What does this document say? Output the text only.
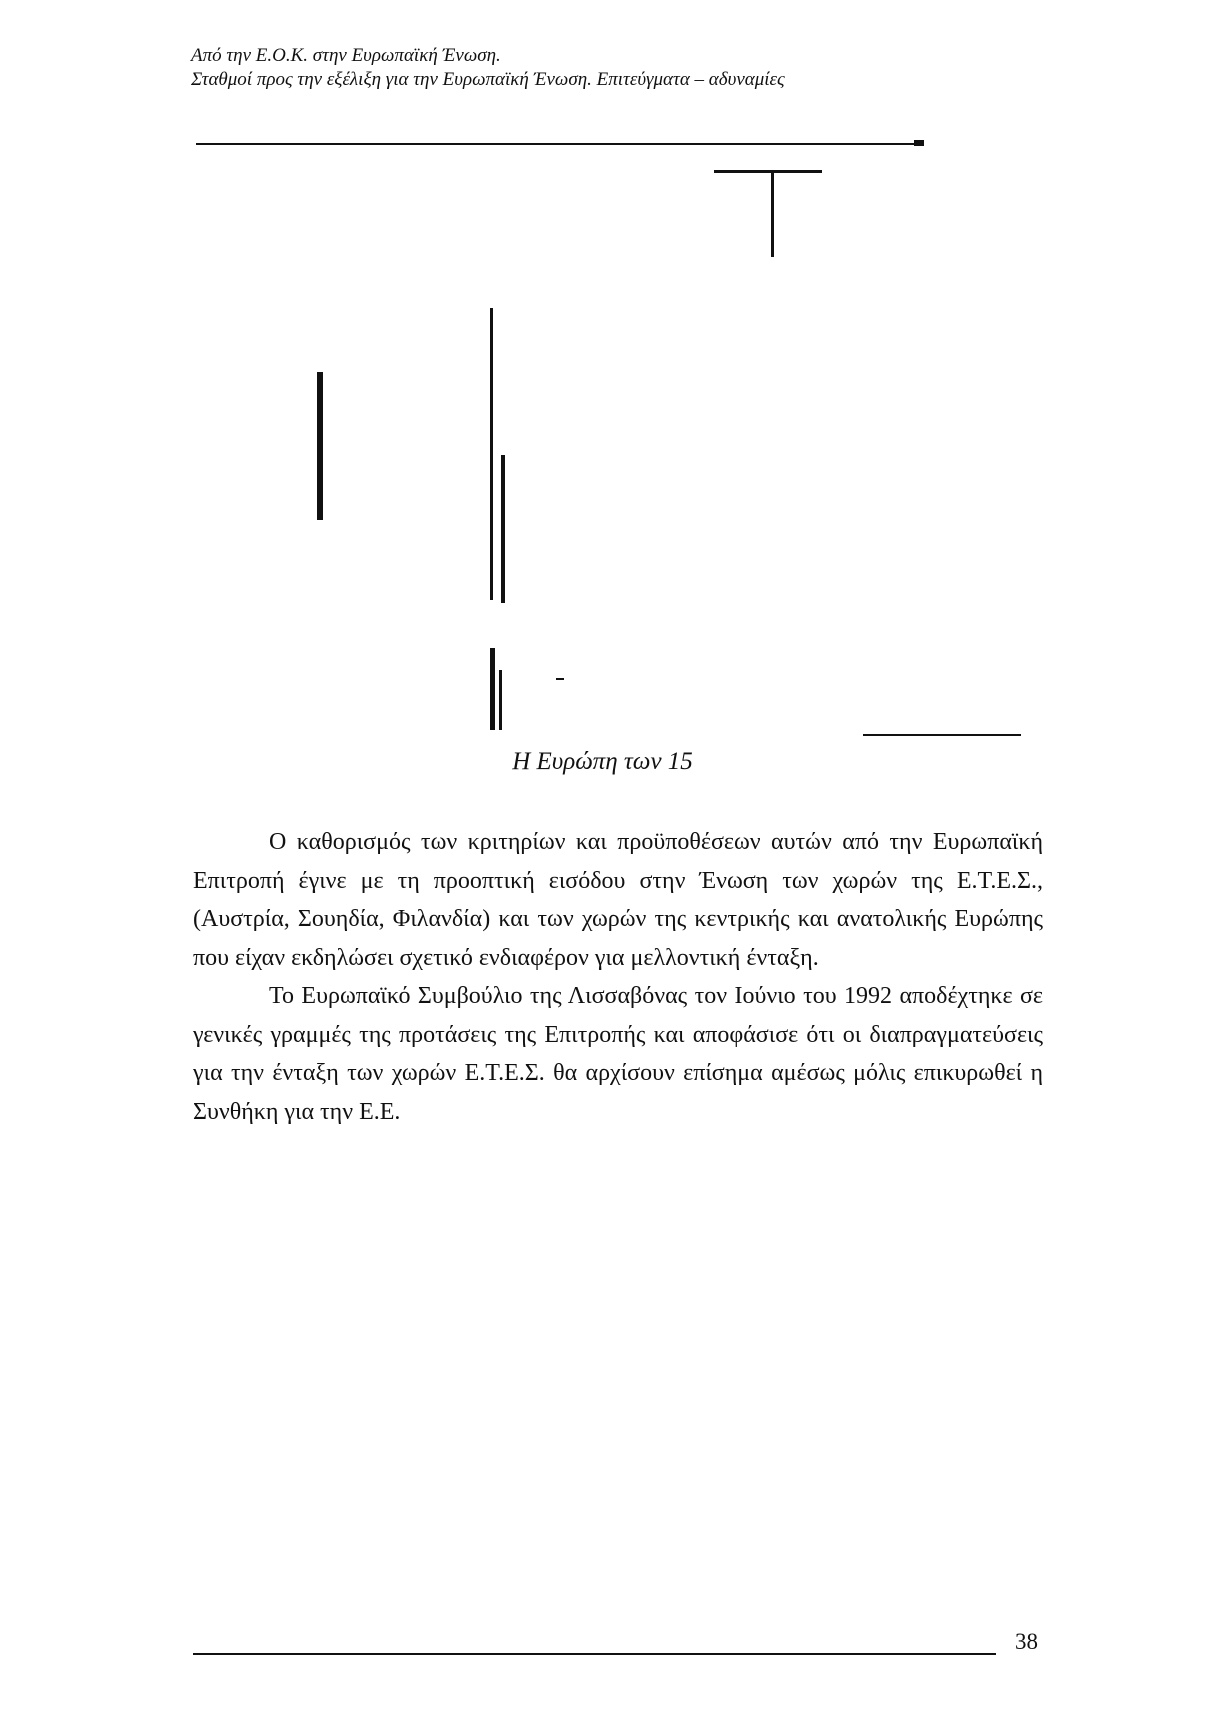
Από την Ε.Ο.Κ. στην Ευρωπαϊκή Ένωση.
Σταθμοί προς την εξέλιξη για την Ευρωπαϊκή Ένωση. Επιτεύγματα – αδυναμίες
Η Ευρώπη των 15

Ο καθορισμός των κριτηρίων και προϋποθέσεων αυτών από την Ευρωπαϊκή Επιτροπή έγινε με τη προοπτική εισόδου στην Ένωση των χωρών της Ε.Τ.Ε.Σ., (Αυστρία, Σουηδία, Φιλανδία) και των χωρών της κεντρικής και ανατολικής Ευρώπης που είχαν εκδηλώσει σχετικό ενδιαφέρον για μελλοντική ένταξη.

Το Ευρωπαϊκό Συμβούλιο της Λισσαβόνας τον Ιούνιο του 1992 αποδέχτηκε σε γενικές γραμμές της προτάσεις της Επιτροπής και αποφάσισε ότι οι διαπραγματεύσεις για την ένταξη των χωρών Ε.Τ.Ε.Σ. θα αρχίσουν επίσημα αμέσως μόλις επικυρωθεί η Συνθήκη για την Ε.Ε.

38
